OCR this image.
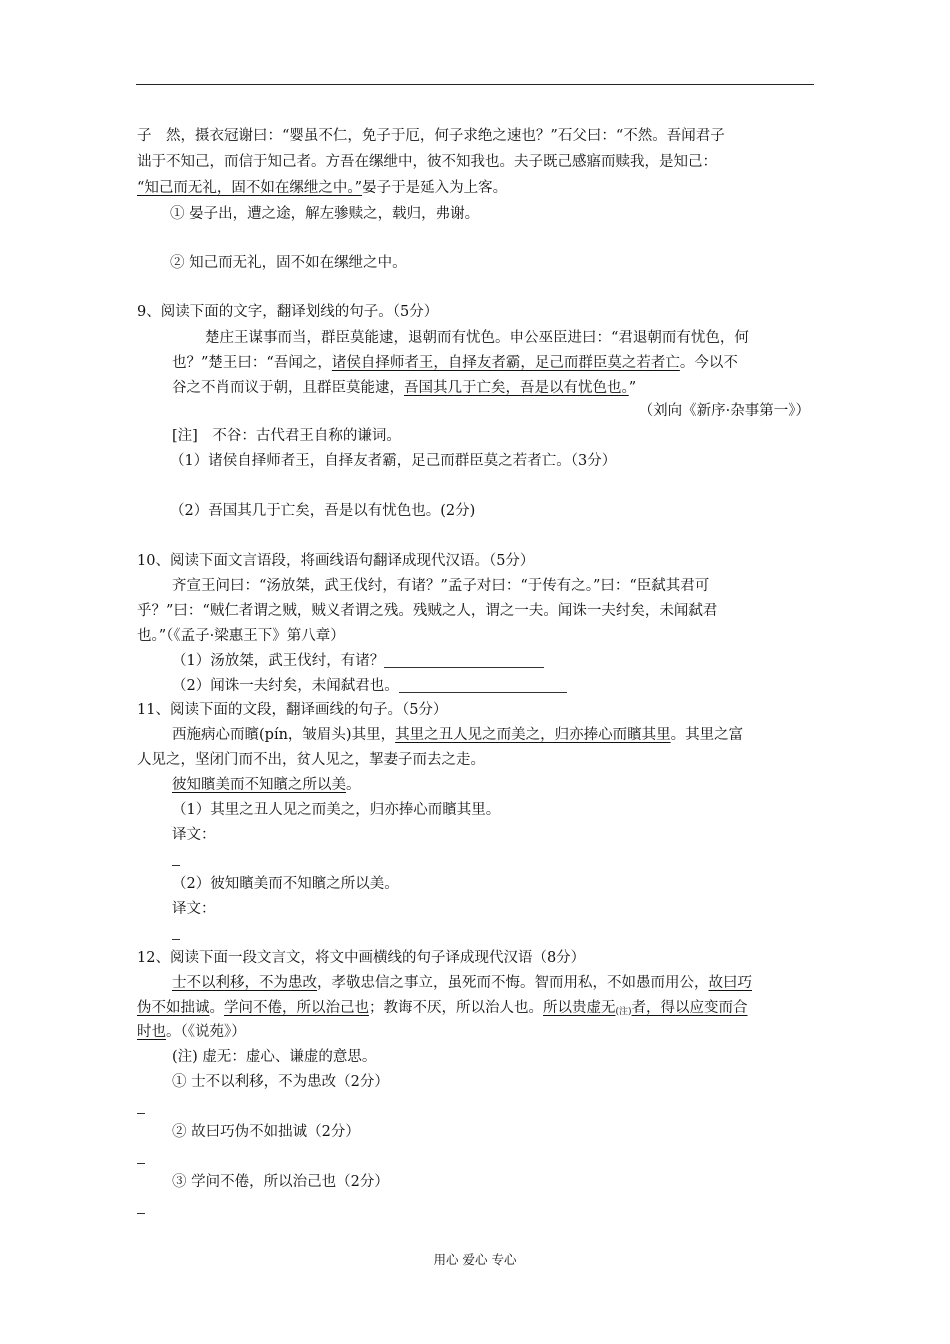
子　然，摄衣冠谢曰：“婴虽不仁，免子于厄，何子求绝之速也？”石父曰：“不然。吾闻君子
诎于不知己，而信于知己者。方吾在缧绁中，彼不知我也。夫子既己感寤而赎我，是知己：
“知己而无礼，固不如在缧绁之中。”晏子于是延入为上客。
① 晏子出，遭之途，解左骖赎之，载归，弗谢。
② 知己而无礼，固不如在缧绁之中。
9、阅读下面的文字，翻译划线的句子。（5分）
楚庄王谋事而当，群臣莫能逮，退朝而有忧色。申公巫臣进曰：“君退朝而有忧色，何
也？”楚王曰：“吾闻之，诸侯自择师者王，自择友者霸，足己而群臣莫之若者亡。今以不
谷之不肖而议于朝，且群臣莫能逮，吾国其几于亡矣，吾是以有忧色也。”
（刘向《新序·杂事第一》）
[注]　不谷：古代君王自称的谦词。
（1）诸侯自择师者王，自择友者霸，足己而群臣莫之若者亡。（3分）
（2）吾国其几于亡矣，吾是以有忧色也。(2分)
10、阅读下面文言语段，将画线语句翻译成现代汉语。（5分）
齐宣王问曰：“汤放桀，武王伐纣，有诸？”孟子对曰：“于传有之。”曰：“臣弑其君可
乎？”曰：“贼仁者谓之贼，贼义者谓之残。残贼之人，谓之一夫。闻诛一夫纣矣，未闻弑君
也。”（《孟子·梁惠王下》第八章）
（1）汤放桀，武王伐纣，有诸？
（2）闻诛一夫纣矣，未闻弑君也。
11、阅读下面的文段，翻译画线的句子。（5分）
西施病心而矉(pín，皱眉头)其里，其里之丑人见之而美之，归亦捧心而矉其里。其里之富
人见之，坚闭门而不出，贫人见之，挈妻子而去之走。
彼知矉美而不知矉之所以美。
（1）其里之丑人见之而美之，归亦捧心而矉其里。
译文：
（2）彼知矉美而不知矉之所以美。
译文：
12、阅读下面一段文言文，将文中画横线的句子译成现代汉语（8分）
士不以利移，不为患改，孝敬忠信之事立，虽死而不悔。智而用私，不如愚而用公，故曰巧
伪不如拙诚。学问不倦，所以治己也；教诲不厌，所以治人也。所以贵虚无$_{(注)}$者，得以应变而合
时也。（《说苑》）
(注) 虚无：虚心、谦虚的意思。
① 士不以利移，不为患改（2分）
② 故曰巧伪不如拙诚（2分）
③ 学问不倦，所以治己也（2分）
用心 爱心 专心
